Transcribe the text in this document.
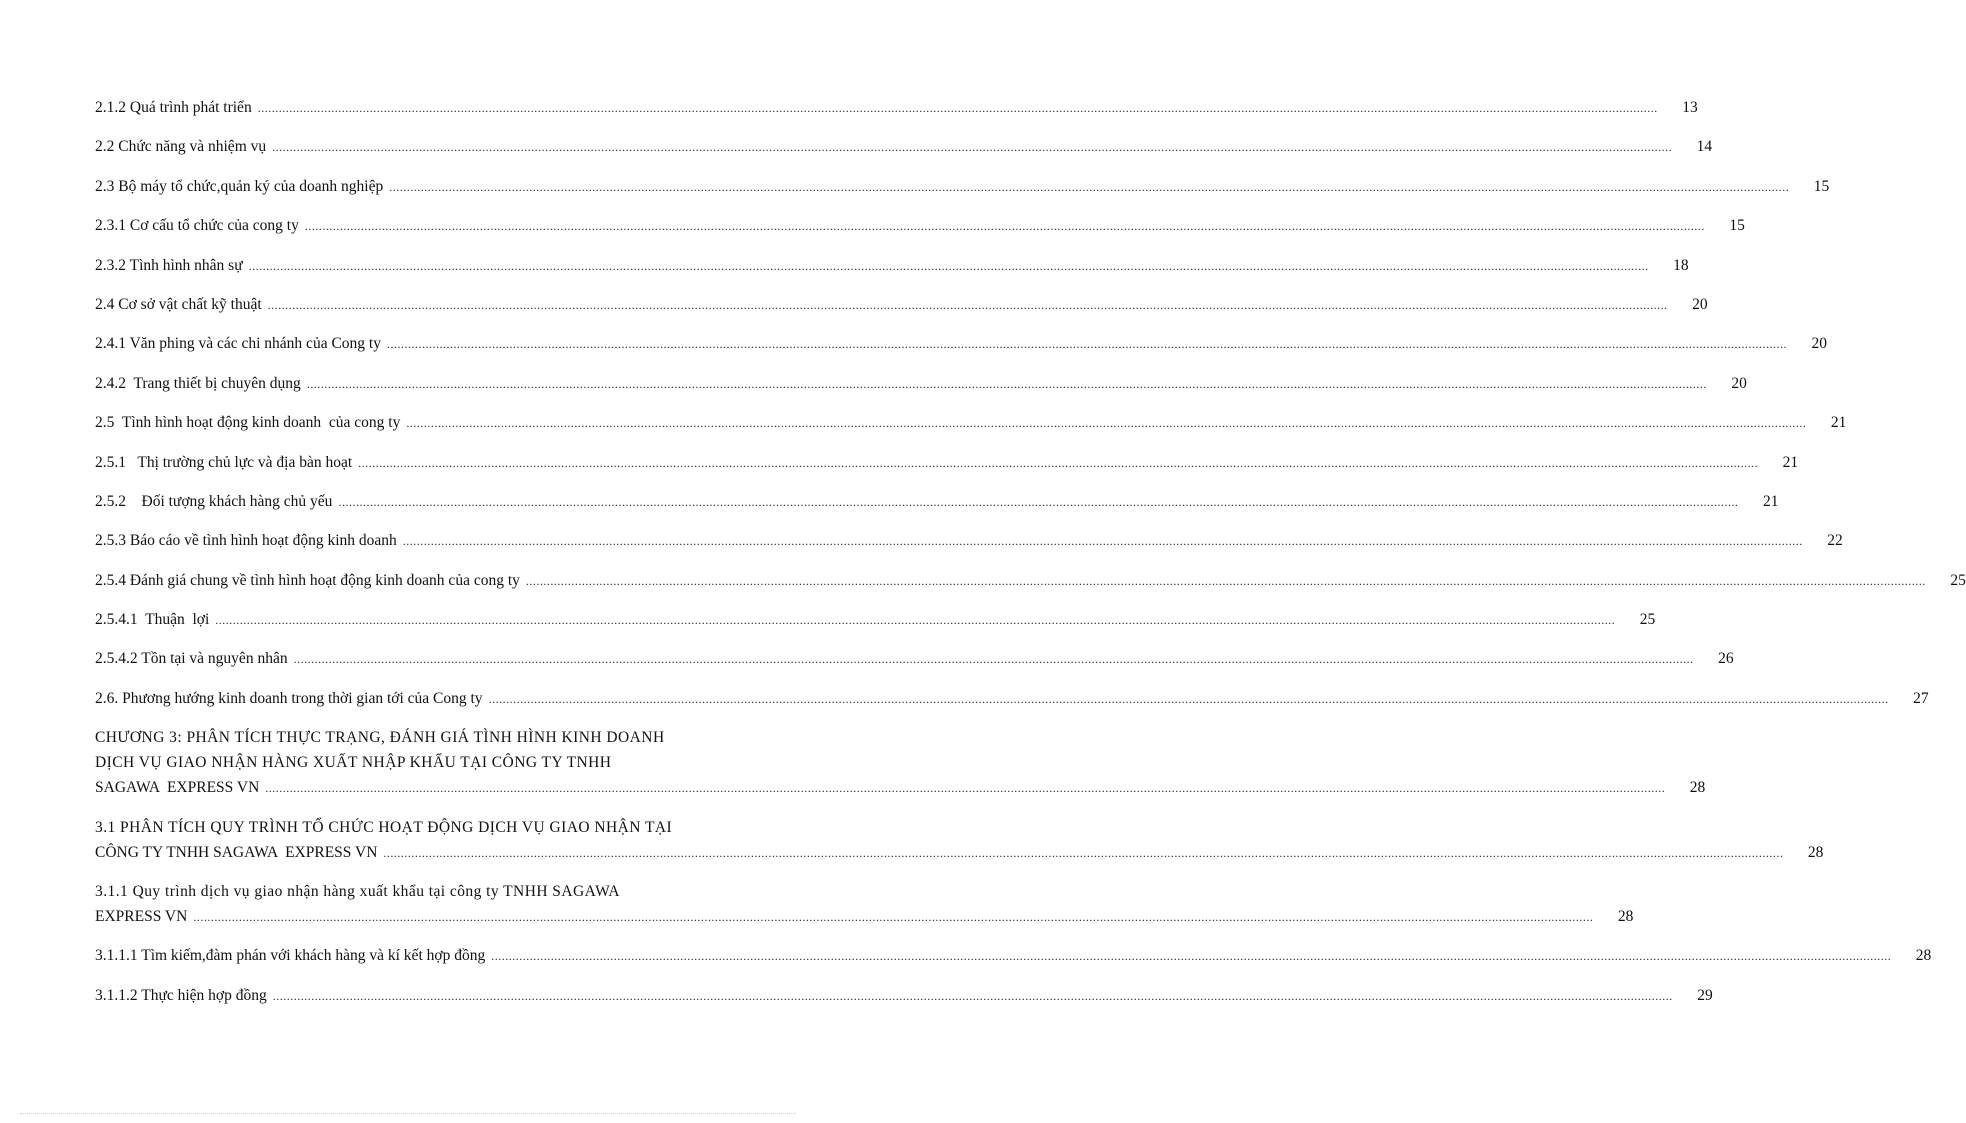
2.1.2 Quá trình phát triển ................................................................................................................................................................................................................................................................................................................................................................................................................	13
2.2 Chức năng và nhiệm vụ ................................................................................................................................................................................................................................................................................................................................................................................................................	14
2.3 Bộ máy tổ chức,quản ký của doanh nghiệp ................................................................................................................................................................................................................................................................................................................................................................................................................	15
2.3.1 Cơ cấu tổ chức của cong ty ................................................................................................................................................................................................................................................................................................................................................................................................................	15
2.3.2 Tình hình nhân sự ................................................................................................................................................................................................................................................................................................................................................................................................................	18
2.4 Cơ sở vật chất kỹ thuật ................................................................................................................................................................................................................................................................................................................................................................................................................	20
2.4.1 Văn phing và các chi nhánh của Cong ty ................................................................................................................................................................................................................................................................................................................................................................................................................	20
2.4.2  Trang thiết bị chuyên dụng ................................................................................................................................................................................................................................................................................................................................................................................................................	20
2.5  Tình hình hoạt động kinh doanh  của cong ty ................................................................................................................................................................................................................................................................................................................................................................................................................	21
2.5.1   Thị trường chủ lực và địa bàn hoạt ................................................................................................................................................................................................................................................................................................................................................................................................................	21
2.5.2    Đối tượng khách hàng chủ yếu ................................................................................................................................................................................................................................................................................................................................................................................................................	21
2.5.3 Báo cáo về tình hình hoạt động kinh doanh ................................................................................................................................................................................................................................................................................................................................................................................................................	22
2.5.4 Đánh giá chung về tình hình hoạt động kinh doanh của cong ty ................................................................................................................................................................................................................................................................................................................................................................................................................	25
2.5.4.1  Thuận  lợi ................................................................................................................................................................................................................................................................................................................................................................................................................	25
2.5.4.2 Tồn tại và nguyên nhân ................................................................................................................................................................................................................................................................................................................................................................................................................	26
2.6. Phương hướng kinh doanh trong thời gian tới của Cong ty ................................................................................................................................................................................................................................................................................................................................................................................................................	27
CHƯƠNG 3: PHÂN TÍCH THỰC TRẠNG, ĐÁNH GIÁ TÌNH HÌNH KINH DOANH
DỊCH VỤ GIAO NHẬN HÀNG XUẤT NHẬP KHẨU TẠI CÔNG TY TNHH
SAGAWA  EXPRESS VN ................................................................................................................................................................................................................................................................................................................................................................................................................	28
3.1 PHÂN TÍCH QUY TRÌNH TỔ CHỨC HOẠT ĐỘNG DỊCH VỤ GIAO NHẬN TẠI
CÔNG TY TNHH SAGAWA  EXPRESS VN ................................................................................................................................................................................................................................................................................................................................................................................................................	28
3.1.1 Quy trình dịch vụ giao nhận hàng xuất khẩu tại công ty TNHH SAGAWA
EXPRESS VN ................................................................................................................................................................................................................................................................................................................................................................................................................	28
3.1.1.1 Tìm kiếm,đàm phán với khách hàng và kí kết hợp đồng ................................................................................................................................................................................................................................................................................................................................................................................................................	28
3.1.1.2 Thực hiện hợp đồng ................................................................................................................................................................................................................................................................................................................................................................................................................	29
